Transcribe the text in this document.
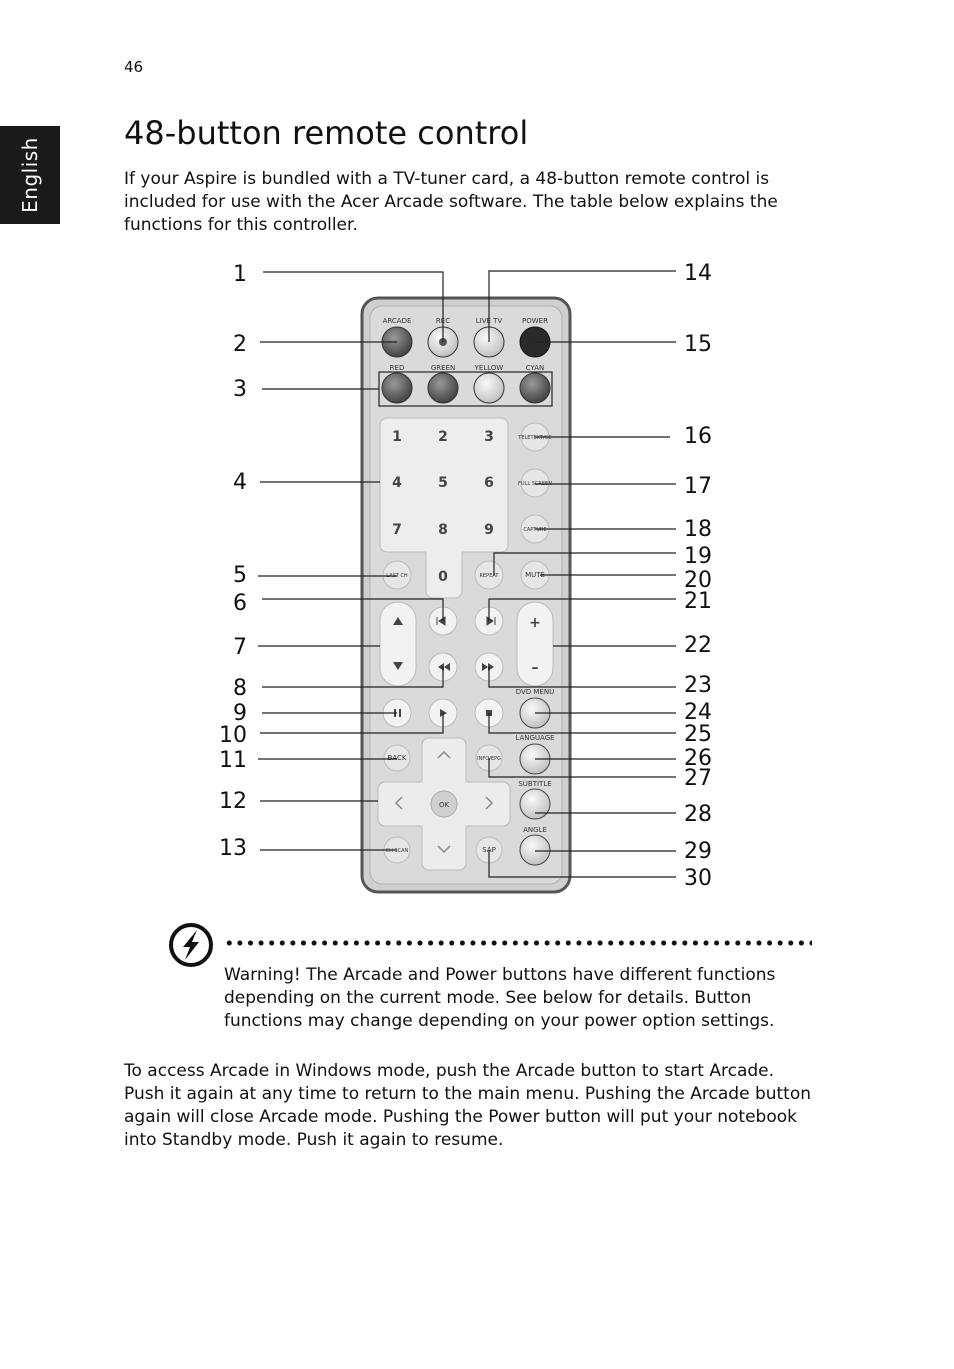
46
English
48-button remote control

If your Aspire is bundled with a TV-tuner card, a 48-button remote control is included for use with the Acer Arcade software. The table below explains the functions for this controller.

ARCADE	REC	LIVE TV	POWER
RED	GREEN	YELLOW	CYAN
1	2	3
4	5	6
7	8	9
0
TELETEXT/CC
FULL SCREEN
CAPTURE
LAST CH	REPEAT	MUTE
+
–
DVD MENU
LANGUAGE
SUBTITLE
ANGLE
OK
BACK	INFO/EPG
CH SCAN	SAP
1
2
3
4
5
6
7
8
9
10
11
12
13
14
15
16
17
18
19
20
21
22
23
24
25
26
27
28
29
30

Warning! The Arcade and Power buttons have different functions depending on the current mode. See below for details. Button functions may change depending on your power option settings.

To access Arcade in Windows mode, push the Arcade button to start Arcade. Push it again at any time to return to the main menu. Pushing the Arcade button again will close Arcade mode. Pushing the Power button will put your notebook into Standby mode. Push it again to resume.
